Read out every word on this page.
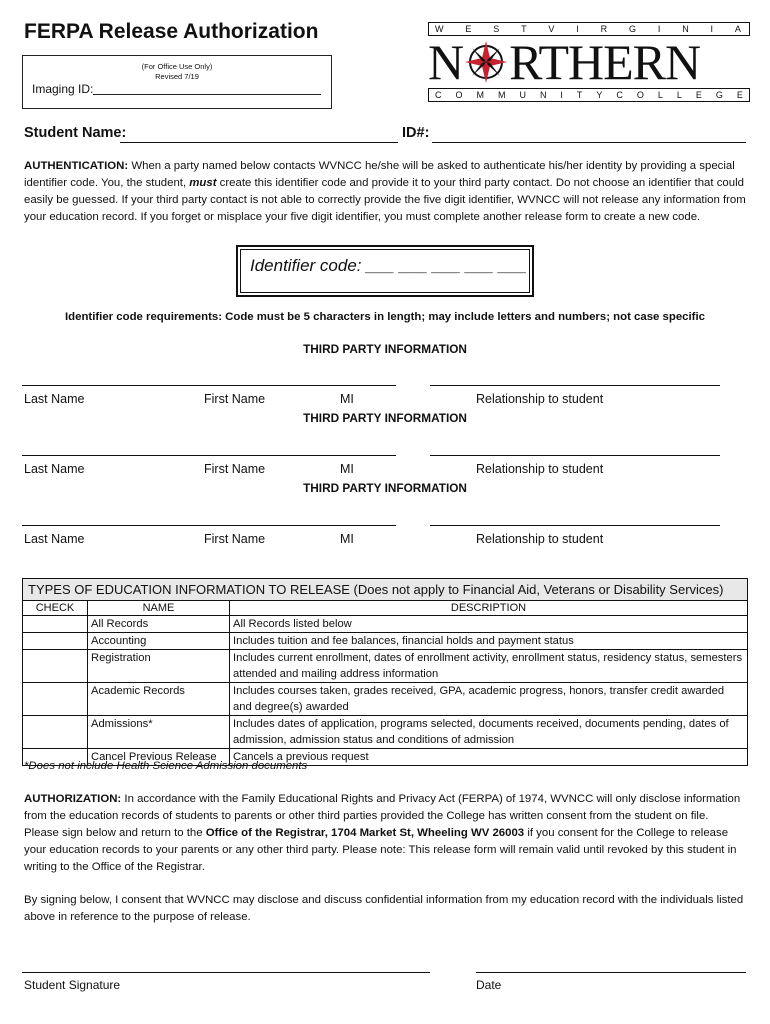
FERPA Release Authorization
(For Office Use Only)
Revised 7/19
Imaging ID:
W E S T V I R G I N I A
N RTHERN
C O M M U N I T Y C O L L E G E
Student Name:	ID#:
AUTHENTICATION: When a party named below contacts WVNCC he/she will be asked to authenticate his/her identity by providing a special identifier code. You, the student, must create this identifier code and provide it to your third party contact. Do not choose an identifier that could easily be guessed. If your third party contact is not able to correctly provide the five digit identifier, WVNCC will not release any information from your education record. If you forget or misplace your five digit identifier, you must complete another release form to create a new code.
Identifier code: ___ ___ ___ ___ ___
Identifier code requirements: Code must be 5 characters in length; may include letters and numbers; not case specific
THIRD PARTY INFORMATION
Last Name	First Name	MI	Relationship to student
THIRD PARTY INFORMATION
Last Name	First Name	MI	Relationship to student
THIRD PARTY INFORMATION
Last Name	First Name	MI	Relationship to student
TYPES OF EDUCATION INFORMATION TO RELEASE (Does not apply to Financial Aid, Veterans or Disability Services)		
CHECK	NAME	DESCRIPTION
	All Records	All Records listed below
	Accounting	Includes tuition and fee balances, financial holds and payment status
	Registration	Includes current enrollment, dates of enrollment activity, enrollment status, residency status, semesters attended and mailing address information
	Academic Records	Includes courses taken, grades received, GPA, academic progress, honors, transfer credit awarded and degree(s) awarded
	Admissions*	Includes dates of application, programs selected, documents received, documents pending, dates of admission, admission status and conditions of admission
	Cancel Previous Release	Cancels a previous request
*Does not include Health Science Admission documents
AUTHORIZATION: In accordance with the Family Educational Rights and Privacy Act (FERPA) of 1974, WVNCC will only disclose information from the education records of students to parents or other third parties provided the College has written consent from the student on file. Please sign below and return to the Office of the Registrar, 1704 Market St, Wheeling WV 26003 if you consent for the College to release your education records to your parents or any other third party. Please note: This release form will remain valid until revoked by this student in writing to the Office of the Registrar.
By signing below, I consent that WVNCC may disclose and discuss confidential information from my education record with the individuals listed above in reference to the purpose of release.
Student Signature	Date
